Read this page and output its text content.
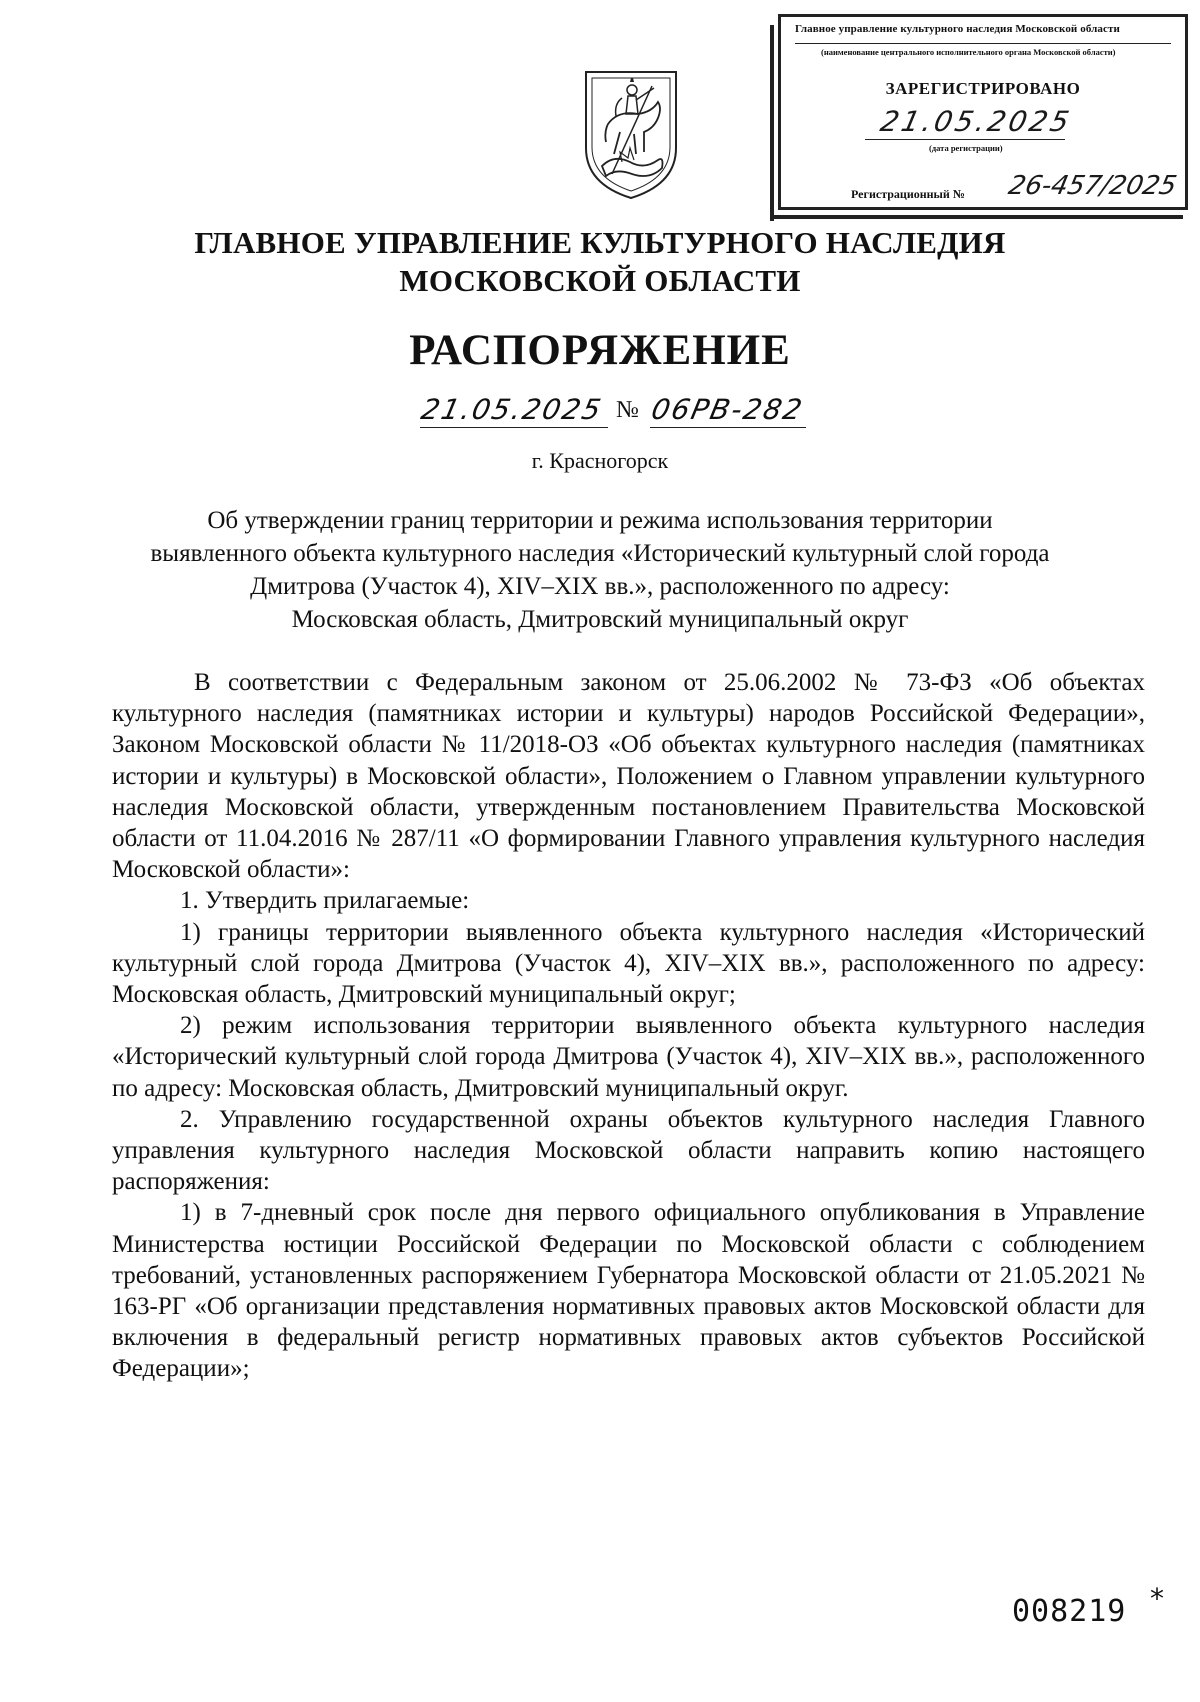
Главное управление культурного наследия Московской области
(наименование центрального исполнительного органа Московской области)
ЗАРЕГИСТРИРОВАНО
21.05.2025
(дата регистрации)
Регистрационный № 26-457/2025
ГЛАВНОЕ УПРАВЛЕНИЕ КУЛЬТУРНОГО НАСЛЕДИЯ
МОСКОВСКОЙ ОБЛАСТИ
РАСПОРЯЖЕНИЕ
21.05.2025 № 06РВ-282
г. Красногорск
Об утверждении границ территории и режима использования территории
выявленного объекта культурного наследия «Исторический культурный слой города
Дмитрова (Участок 4), XIV–XIX вв.», расположенного по адресу:
Московская область, Дмитровский муниципальный округ

В соответствии с Федеральным законом от 25.06.2002 № 73-ФЗ «Об объектах культурного наследия (памятниках истории и культуры) народов Российской Федерации», Законом Московской области № 11/2018-ОЗ «Об объектах культурного наследия (памятниках истории и культуры) в Московской области», Положением о Главном управлении культурного наследия Московской области, утвержденным постановлением Правительства Московской области от 11.04.2016 № 287/11 «О формировании Главного управления культурного наследия Московской области»:

1. Утвердить прилагаемые:

1) границы территории выявленного объекта культурного наследия «Исторический культурный слой города Дмитрова (Участок 4), XIV–XIX вв.», расположенного по адресу: Московская область, Дмитровский муниципальный округ;

2) режим использования территории выявленного объекта культурного наследия «Исторический культурный слой города Дмитрова (Участок 4), XIV–XIX вв.», расположенного по адресу: Московская область, Дмитровский муниципальный округ.

2. Управлению государственной охраны объектов культурного наследия Главного управления культурного наследия Московской области направить копию настоящего распоряжения:

1) в 7-дневный срок после дня первого официального опубликования в Управление Министерства юстиции Российской Федерации по Московской области с соблюдением требований, установленных распоряжением Губернатора Московской области от 21.05.2021 № 163-РГ «Об организации представления нормативных правовых актов Московской области для включения в федеральный регистр нормативных правовых актов субъектов Российской Федерации»;

008219 *
